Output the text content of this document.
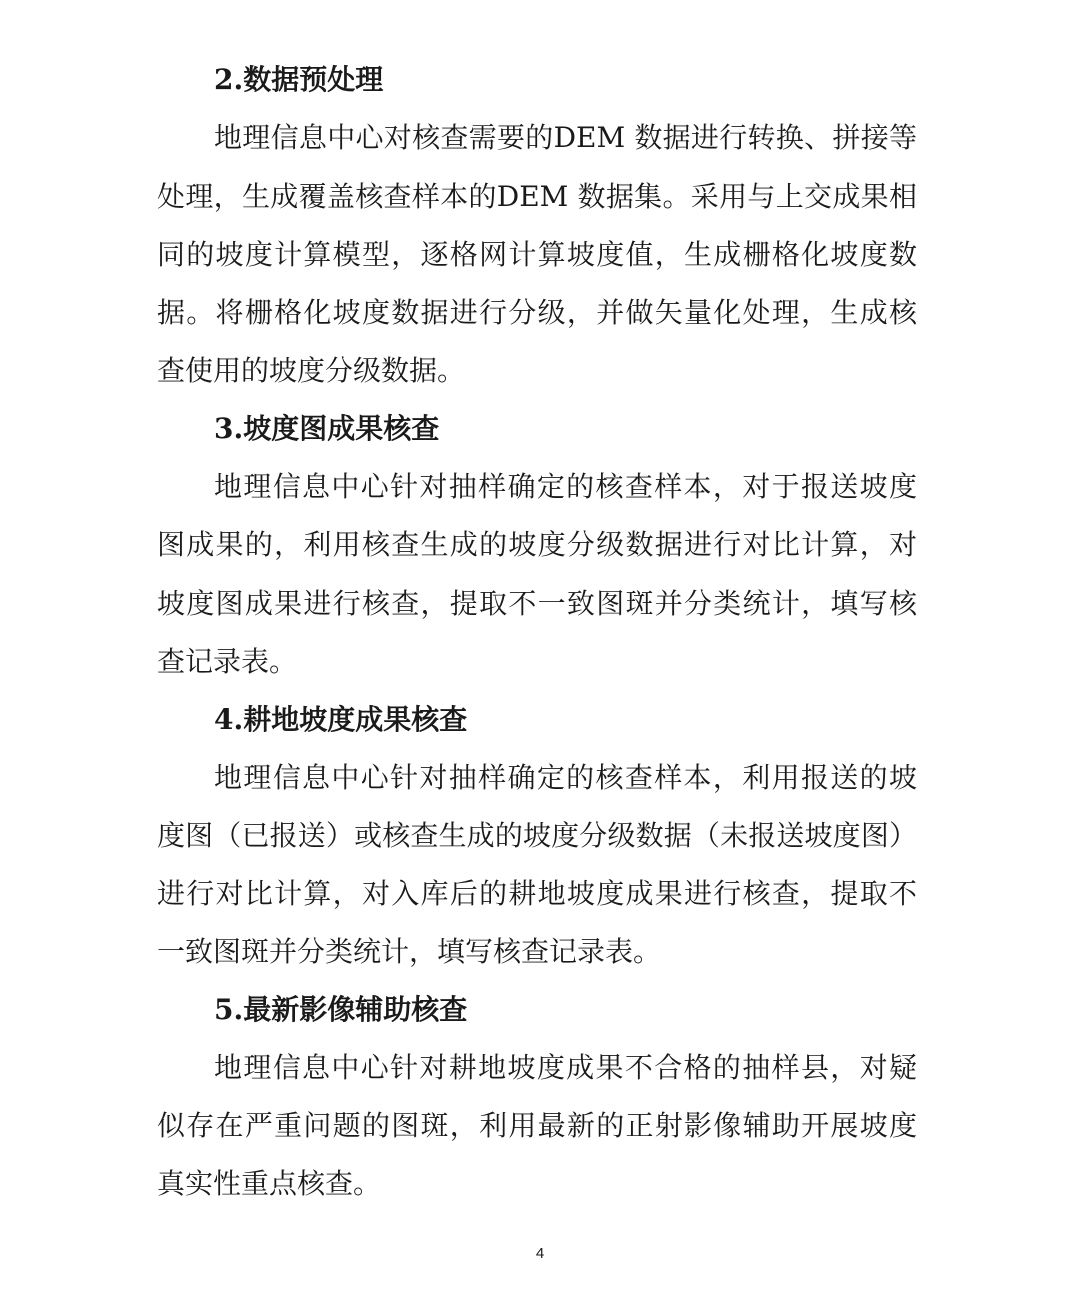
2.数据预处理
地理信息中心对核查需要的DEM 数据进行转换、拼接等
处理，生成覆盖核查样本的DEM 数据集。采用与上交成果相
同的坡度计算模型，逐格网计算坡度值，生成栅格化坡度数
据。将栅格化坡度数据进行分级，并做矢量化处理，生成核
查使用的坡度分级数据。
3.坡度图成果核查
地理信息中心针对抽样确定的核查样本，对于报送坡度
图成果的，利用核查生成的坡度分级数据进行对比计算，对
坡度图成果进行核查，提取不一致图斑并分类统计，填写核
查记录表。
4.耕地坡度成果核查
地理信息中心针对抽样确定的核查样本，利用报送的坡
度图（已报送）或核查生成的坡度分级数据（未报送坡度图）
进行对比计算，对入库后的耕地坡度成果进行核查，提取不
一致图斑并分类统计，填写核查记录表。
5.最新影像辅助核查
地理信息中心针对耕地坡度成果不合格的抽样县，对疑
似存在严重问题的图斑，利用最新的正射影像辅助开展坡度
真实性重点核查。
4
